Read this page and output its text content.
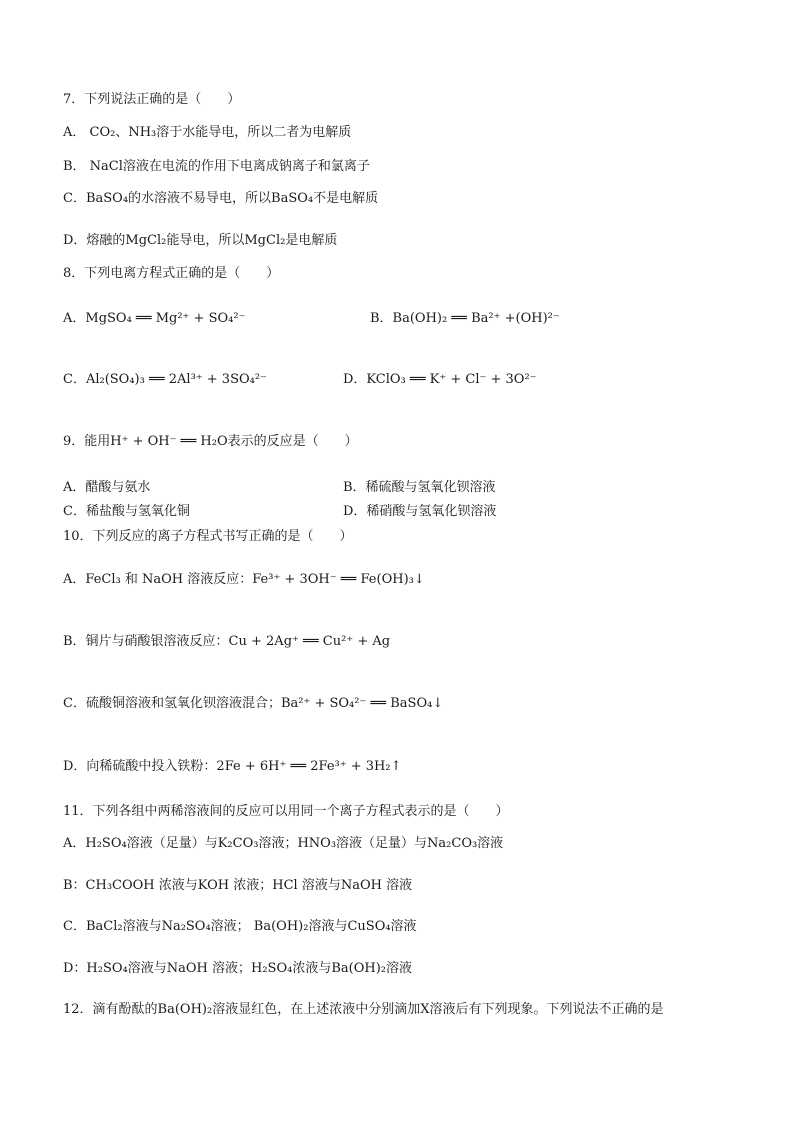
7．下列说法正确的是（　　）
A． CO₂、NH₃溶于水能导电，所以二者为电解质
B． NaCl溶液在电流的作用下电离成钠离子和氯离子
C．BaSO₄的水溶液不易导电，所以BaSO₄不是电解质
D．熔融的MgCl₂能导电，所以MgCl₂是电解质
8．下列电离方程式正确的是（　　）
A．MgSO₄ ══ Mg²⁺ + SO₄²⁻	B．Ba(OH)₂ ══ Ba²⁺ +(OH)²⁻
C．Al₂(SO₄)₃ ══ 2Al³⁺ + 3SO₄²⁻	D．KClO₃ ══ K⁺ + Cl⁻ + 3O²⁻
9．能用H⁺ + OH⁻ ══ H₂O表示的反应是（　　）
A．醋酸与氨水	B．稀硫酸与氢氧化钡溶液
C．稀盐酸与氢氧化铜	D．稀硝酸与氢氧化钡溶液
10．下列反应的离子方程式书写正确的是（　　）
A．FeCl₃ 和 NaOH 溶液反应：Fe³⁺ + 3OH⁻ ══ Fe(OH)₃↓
B．铜片与硝酸银溶液反应：Cu + 2Ag⁺ ══ Cu²⁺ + Ag
C．硫酸铜溶液和氢氧化钡溶液混合；Ba²⁺ + SO₄²⁻ ══ BaSO₄↓
D．向稀硫酸中投入铁粉：2Fe + 6H⁺ ══ 2Fe³⁺ + 3H₂↑
11．下列各组中两稀溶液间的反应可以用同一个离子方程式表示的是（　　）
A．H₂SO₄溶液（足量）与K₂CO₃溶液；HNO₃溶液（足量）与Na₂CO₃溶液
B：CH₃COOH 浓液与KOH 浓液；HCl 溶液与NaOH 溶液
C．BaCl₂溶液与Na₂SO₄溶液； Ba(OH)₂溶液与CuSO₄溶液
D：H₂SO₄溶液与NaOH 溶液；H₂SO₄浓液与Ba(OH)₂溶液
12．滴有酚酞的Ba(OH)₂溶液显红色，在上述浓液中分别滴加X溶液后有下列现象。下列说法不正确的是
